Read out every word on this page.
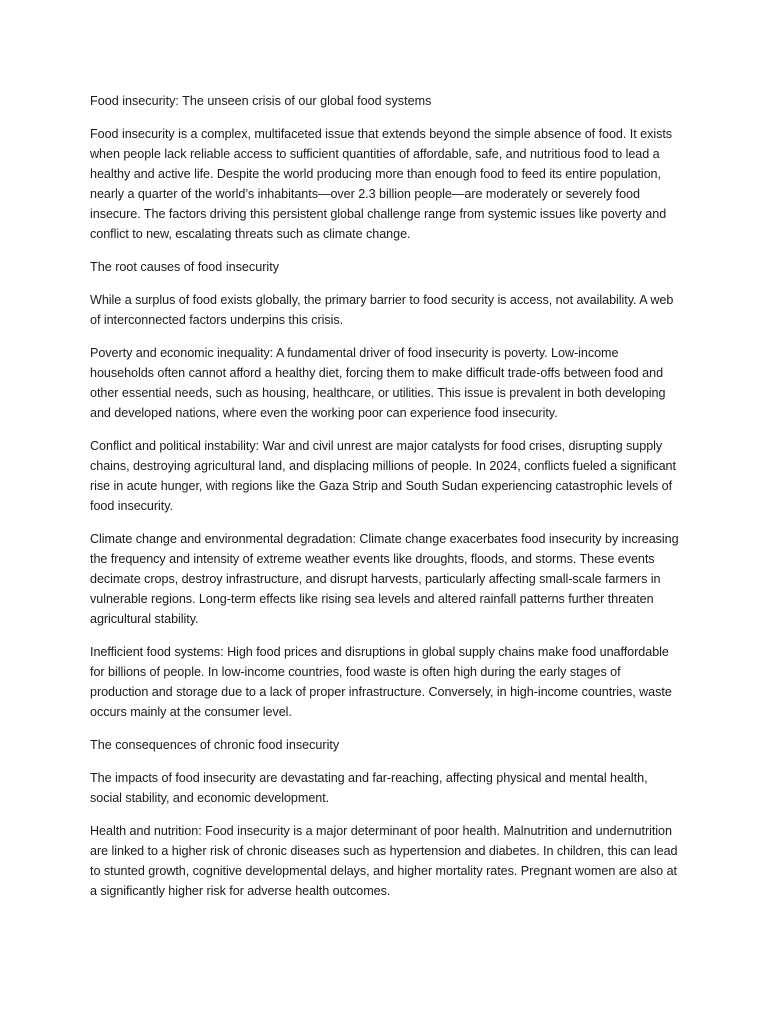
Food insecurity: The unseen crisis of our global food systems

Food insecurity is a complex, multifaceted issue that extends beyond the simple absence of food. It exists when people lack reliable access to sufficient quantities of affordable, safe, and nutritious food to lead a healthy and active life. Despite the world producing more than enough food to feed its entire population, nearly a quarter of the world’s inhabitants—over 2.3 billion people—are moderately or severely food insecure. The factors driving this persistent global challenge range from systemic issues like poverty and conflict to new, escalating threats such as climate change.

The root causes of food insecurity

While a surplus of food exists globally, the primary barrier to food security is access, not availability. A web of interconnected factors underpins this crisis.

Poverty and economic inequality: A fundamental driver of food insecurity is poverty. Low-income households often cannot afford a healthy diet, forcing them to make difficult trade-offs between food and other essential needs, such as housing, healthcare, or utilities. This issue is prevalent in both developing and developed nations, where even the working poor can experience food insecurity.

Conflict and political instability: War and civil unrest are major catalysts for food crises, disrupting supply chains, destroying agricultural land, and displacing millions of people. In 2024, conflicts fueled a significant rise in acute hunger, with regions like the Gaza Strip and South Sudan experiencing catastrophic levels of food insecurity.

Climate change and environmental degradation: Climate change exacerbates food insecurity by increasing the frequency and intensity of extreme weather events like droughts, floods, and storms. These events decimate crops, destroy infrastructure, and disrupt harvests, particularly affecting small-scale farmers in vulnerable regions. Long-term effects like rising sea levels and altered rainfall patterns further threaten agricultural stability.

Inefficient food systems: High food prices and disruptions in global supply chains make food unaffordable for billions of people. In low-income countries, food waste is often high during the early stages of production and storage due to a lack of proper infrastructure. Conversely, in high-income countries, waste occurs mainly at the consumer level.

The consequences of chronic food insecurity

The impacts of food insecurity are devastating and far-reaching, affecting physical and mental health, social stability, and economic development.

Health and nutrition: Food insecurity is a major determinant of poor health. Malnutrition and undernutrition are linked to a higher risk of chronic diseases such as hypertension and diabetes. In children, this can lead to stunted growth, cognitive developmental delays, and higher mortality rates. Pregnant women are also at a significantly higher risk for adverse health outcomes.
